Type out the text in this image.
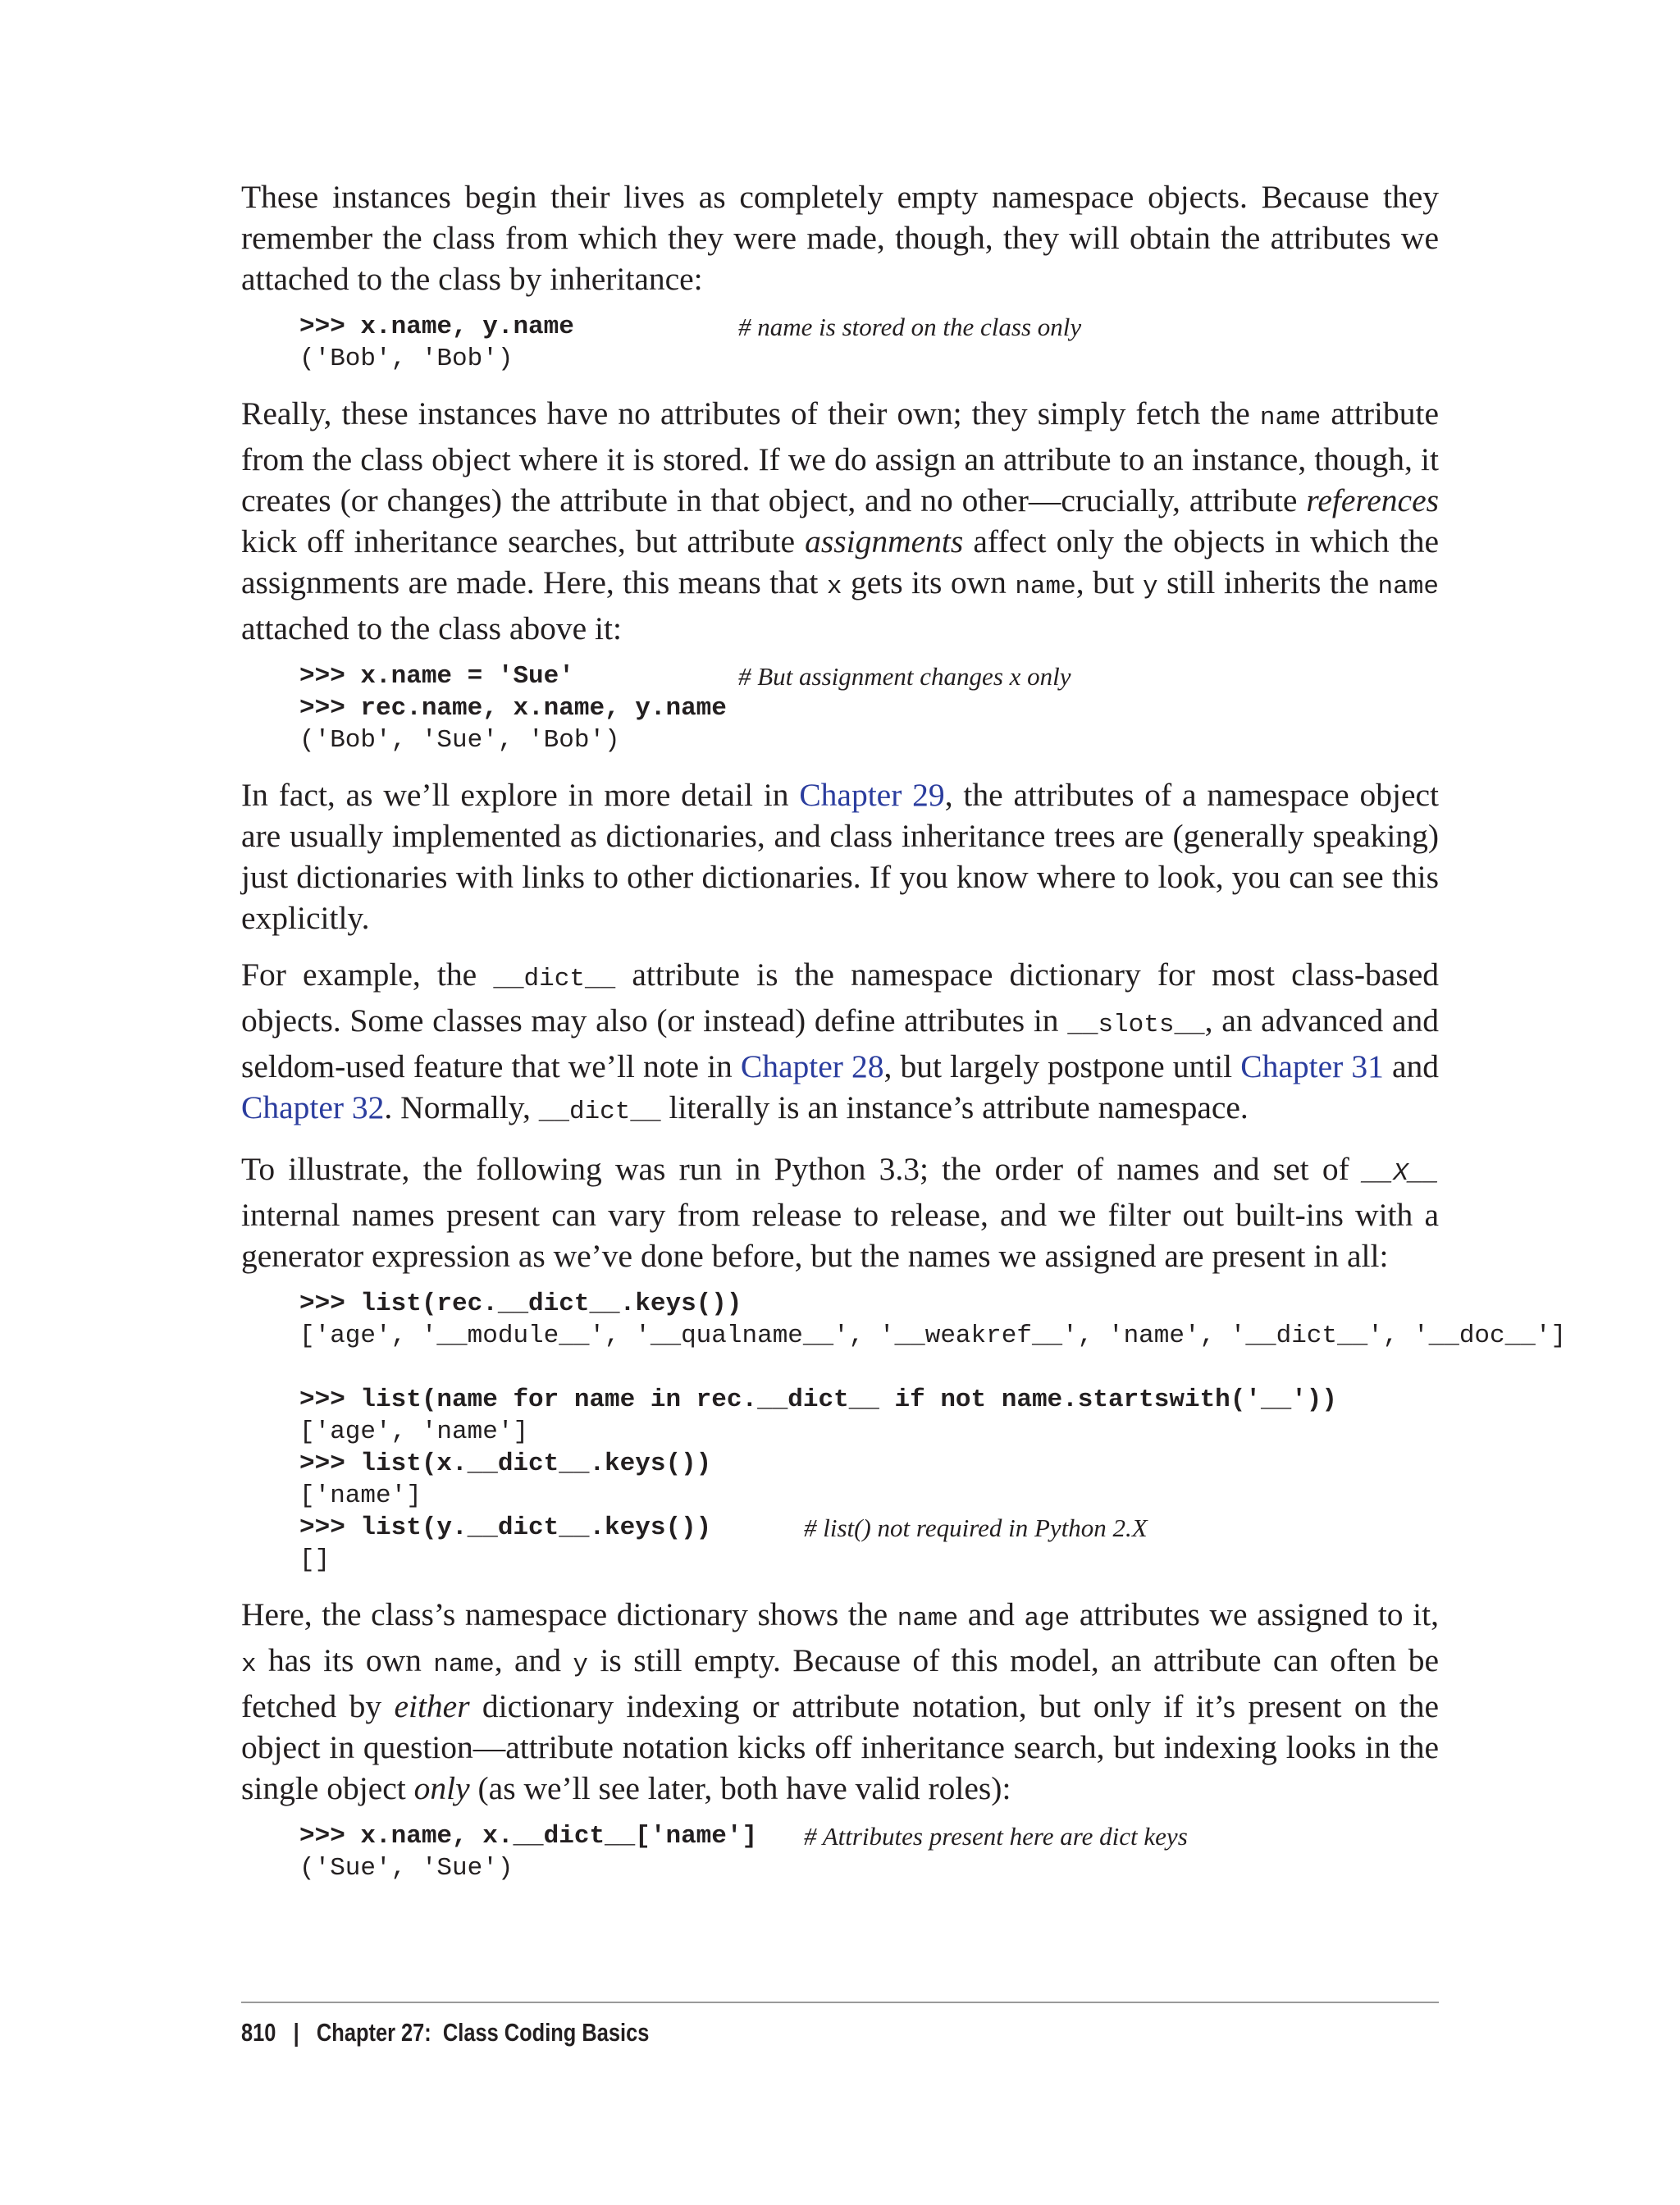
These instances begin their lives as completely empty namespace objects. Because they remember the class from which they were made, though, they will obtain the attributes we attached to the class by inheritance:

>>> x.name, y.name	# name is stored on the class only
('Bob', 'Bob')

Really, these instances have no attributes of their own; they simply fetch the name attribute from the class object where it is stored. If we do assign an attribute to an instance, though, it creates (or changes) the attribute in that object, and no other—crucially, attribute references kick off inheritance searches, but attribute assignments affect only the objects in which the assignments are made. Here, this means that x gets its own name, but y still inherits the name attached to the class above it:

>>> x.name = 'Sue'	# But assignment changes x only
>>> rec.name, x.name, y.name
('Bob', 'Sue', 'Bob')

In fact, as we’ll explore in more detail in Chapter 29, the attributes of a namespace object are usually implemented as dictionaries, and class inheritance trees are (generally speaking) just dictionaries with links to other dictionaries. If you know where to look, you can see this explicitly.

For example, the __dict__ attribute is the namespace dictionary for most class-based objects. Some classes may also (or instead) define attributes in __slots__, an advanced and seldom-used feature that we’ll note in Chapter 28, but largely postpone until Chapter 31 and Chapter 32. Normally, __dict__ literally is an instance’s attribute namespace.

To illustrate, the following was run in Python 3.3; the order of names and set of __X__ internal names present can vary from release to release, and we filter out built-ins with a generator expression as we’ve done before, but the names we assigned are present in all:

>>> list(rec.__dict__.keys())
['age', '__module__', '__qualname__', '__weakref__', 'name', '__dict__', '__doc__']
>>> list(name for name in rec.__dict__ if not name.startswith('__'))
['age', 'name']
>>> list(x.__dict__.keys())
['name']
>>> list(y.__dict__.keys())	# list() not required in Python 2.X
[]

Here, the class’s namespace dictionary shows the name and age attributes we assigned to it, x has its own name, and y is still empty. Because of this model, an attribute can often be fetched by either dictionary indexing or attribute notation, but only if it’s present on the object in question—attribute notation kicks off inheritance search, but indexing looks in the single object only (as we’ll see later, both have valid roles):

>>> x.name, x.__dict__['name']	# Attributes present here are dict keys
('Sue', 'Sue')
810 | Chapter 27:  Class Coding Basics
